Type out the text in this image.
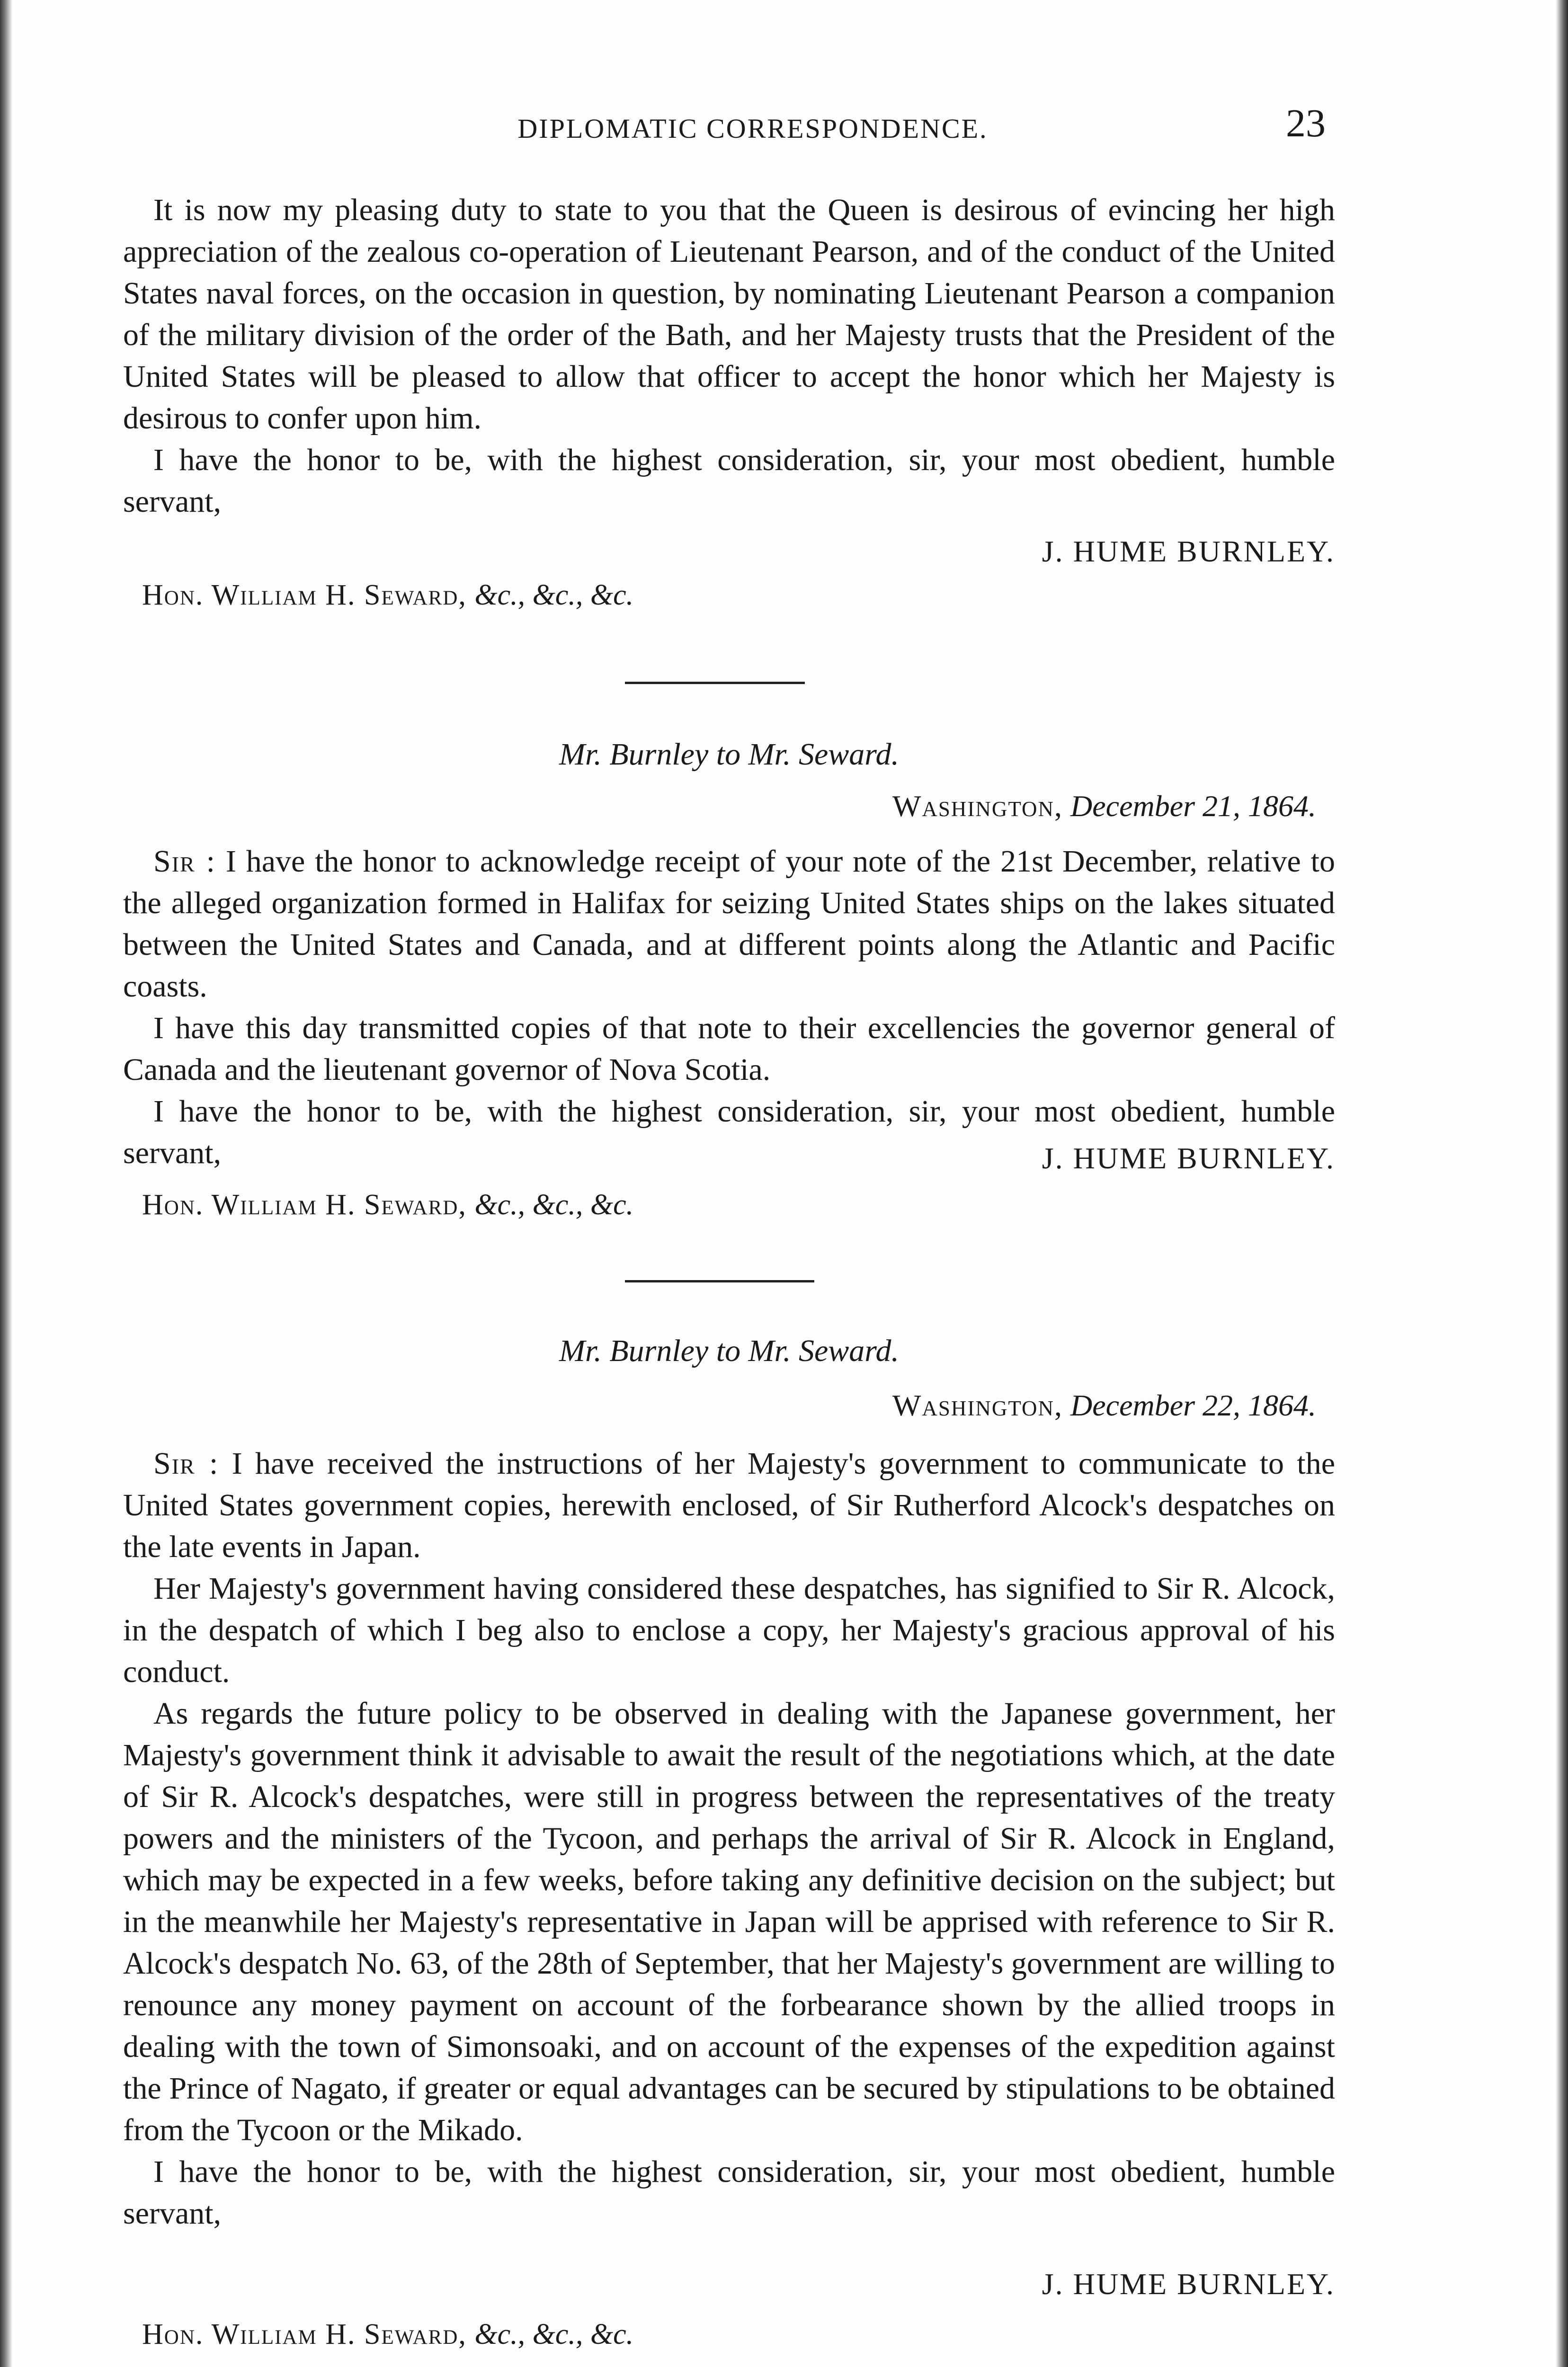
DIPLOMATIC CORRESPONDENCE.	23

It is now my pleasing duty to state to you that the Queen is desirous of evincing her high appreciation of the zealous co-operation of Lieutenant Pearson, and of the conduct of the United States naval forces, on the occasion in question, by nominating Lieutenant Pearson a companion of the military division of the order of the Bath, and her Majesty trusts that the President of the United States will be pleased to allow that officer to accept the honor which her Majesty is desirous to confer upon him.

I have the honor to be, with the highest consideration, sir, your most obedient, humble servant,

J. HUME BURNLEY.
Hon. William H. Seward, &c., &c., &c.
Mr. Burnley to Mr. Seward.
Washington, December 21, 1864.

Sir : I have the honor to acknowledge receipt of your note of the 21st December, relative to the alleged organization formed in Halifax for seizing United States ships on the lakes situated between the United States and Canada, and at different points along the Atlantic and Pacific coasts.

I have this day transmitted copies of that note to their excellencies the governor general of Canada and the lieutenant governor of Nova Scotia.

I have the honor to be, with the highest consideration, sir, your most obedient, humble servant,	J. HUME BURNLEY.
Hon. William H. Seward, &c., &c., &c.
Mr. Burnley to Mr. Seward.
Washington, December 22, 1864.

Sir : I have received the instructions of her Majesty's government to communicate to the United States government copies, herewith enclosed, of Sir Rutherford Alcock's despatches on the late events in Japan.

Her Majesty's government having considered these despatches, has signified to Sir R. Alcock, in the despatch of which I beg also to enclose a copy, her Majesty's gracious approval of his conduct.

As regards the future policy to be observed in dealing with the Japanese government, her Majesty's government think it advisable to await the result of the negotiations which, at the date of Sir R. Alcock's despatches, were still in progress between the representatives of the treaty powers and the ministers of the Tycoon, and perhaps the arrival of Sir R. Alcock in England, which may be expected in a few weeks, before taking any definitive decision on the subject; but in the meanwhile her Majesty's representative in Japan will be apprised with reference to Sir R. Alcock's despatch No. 63, of the 28th of September, that her Majesty's government are willing to renounce any money payment on account of the forbearance shown by the allied troops in dealing with the town of Simonsoaki, and on account of the expenses of the expedition against the Prince of Nagato, if greater or equal advantages can be secured by stipulations to be obtained from the Tycoon or the Mikado.

I have the honor to be, with the highest consideration, sir, your most obedient, humble servant,

J. HUME BURNLEY.
Hon. William H. Seward, &c., &c., &c.
